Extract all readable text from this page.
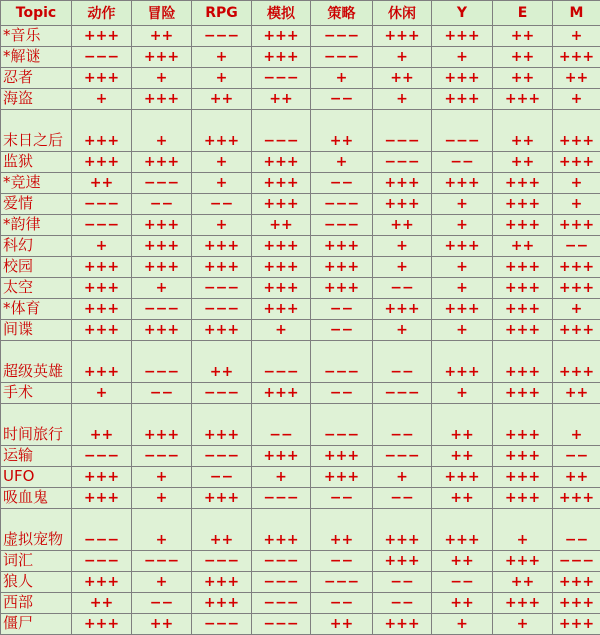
Topic	动作	冒险	RPG	模拟	策略	休闲	Y	E	M
*音乐	+++	++	−−−	+++	−−−	+++	+++	++	+
*解谜	−−−	+++	+	+++	−−−	+	+	++	+++
忍者	+++	+	+	−−−	+	++	+++	++	++
海盗	+	+++	++	++	−−	+	+++	+++	+
末日之后	+++	+	+++	−−−	++	−−−	−−−	++	+++
监狱	+++	+++	+	+++	+	−−−	−−	++	+++
*竞速	++	−−−	+	+++	−−	+++	+++	+++	+
爱情	−−−	−−	−−	+++	−−−	+++	+	+++	+
*韵律	−−−	+++	+	++	−−−	++	+	+++	+++
科幻	+	+++	+++	+++	+++	+	+++	++	−−
校园	+++	+++	+++	+++	+++	+	+	+++	+++
太空	+++	+	−−−	+++	+++	−−	+	+++	+++
*体育	+++	−−−	−−−	+++	−−	+++	+++	+++	+
间谍	+++	+++	+++	+	−−	+	+	+++	+++
超级英雄	+++	−−−	++	−−−	−−−	−−	+++	+++	+++
手术	+	−−	−−−	+++	−−	−−−	+	+++	++
时间旅行	++	+++	+++	−−	−−−	−−	++	+++	+
运输	−−−	−−−	−−−	+++	+++	−−−	++	+++	−−
UFO	+++	+	−−	+	+++	+	+++	+++	++
吸血鬼	+++	+	+++	−−−	−−	−−	++	+++	+++
虚拟宠物	−−−	+	++	+++	++	+++	+++	+	−−
词汇	−−−	−−−	−−−	−−−	−−	+++	++	+++	−−−
狼人	+++	+	+++	−−−	−−−	−−	−−	++	+++
西部	++	−−	+++	−−−	−−	−−	++	+++	+++
僵尸	+++	++	−−−	−−−	++	+++	+	+	+++
